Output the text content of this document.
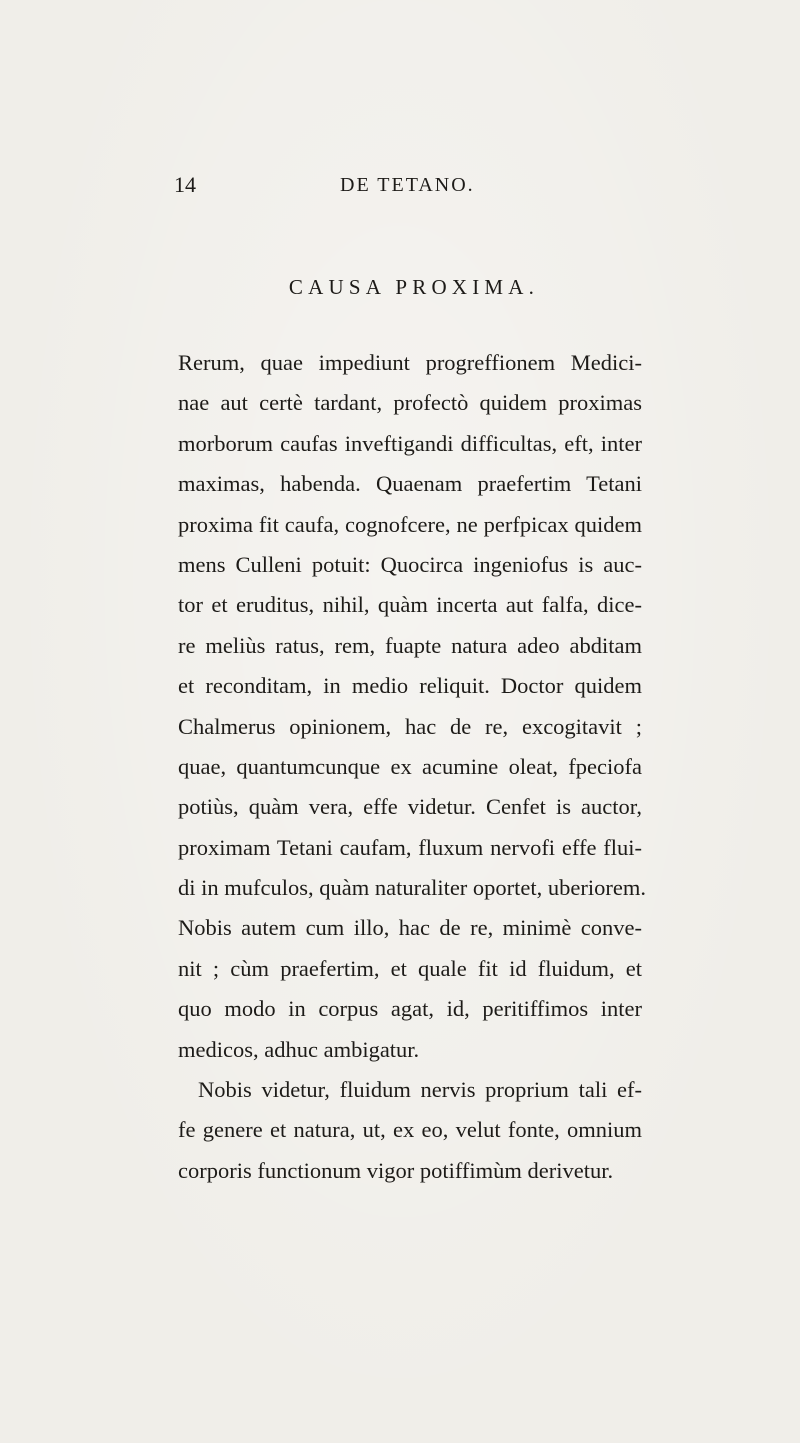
14	DE TETANO.
CAUSA PROXIMA.
Rerum, quae impediunt progreffionem Medici-
nae aut certè tardant, profectò quidem proximas
morborum caufas inveftigandi difficultas, eft, inter
maximas, habenda. Quaenam praefertim Tetani
proxima fit caufa, cognofcere, ne perfpicax quidem
mens Culleni potuit: Quocirca ingeniofus is auc-
tor et eruditus, nihil, quàm incerta aut falfa, dice-
re meliùs ratus, rem, fuapte natura adeo abditam
et reconditam, in medio reliquit. Doctor quidem
Chalmerus opinionem, hac de re, excogitavit ;
quae, quantumcunque ex acumine oleat, fpeciofa
potiùs, quàm vera, effe videtur. Cenfet is auctor,
proximam Tetani caufam, fluxum nervofi effe flui-
di in mufculos, quàm naturaliter oportet, uberiorem.
Nobis autem cum illo, hac de re, minimè conve-
nit ; cùm praefertim, et quale fit id fluidum, et
quo modo in corpus agat, id, peritiffimos inter
medicos, adhuc ambigatur.
Nobis videtur, fluidum nervis proprium tali ef-
fe genere et natura, ut, ex eo, velut fonte, omnium
corporis functionum vigor potiffimùm derivetur.
